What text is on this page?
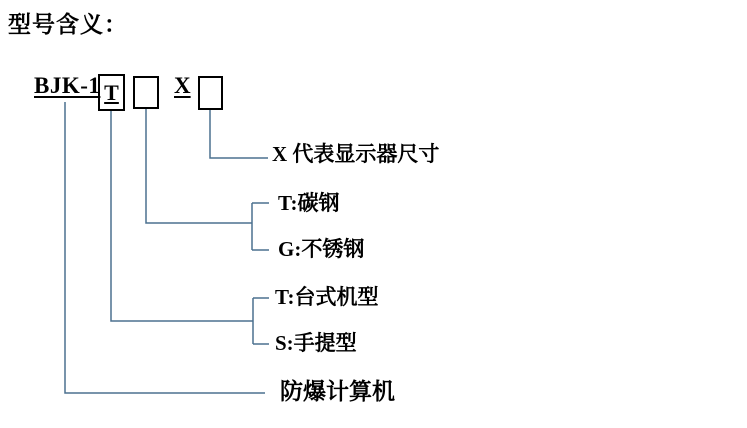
型号含义：
BJK-1 T X
X 代表显示器尺寸
T:碳钢
G:不锈钢
T:台式机型
S:手提型
防爆计算机
